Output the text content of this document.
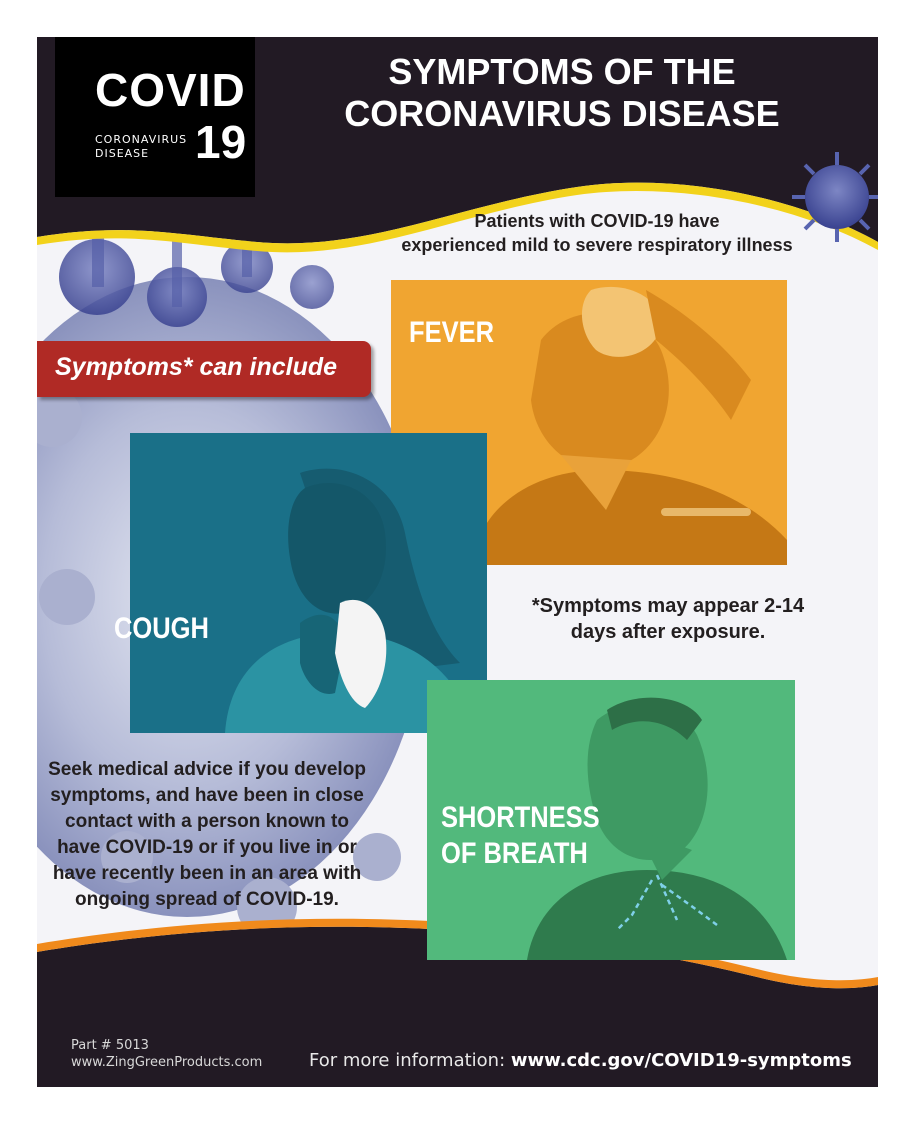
COVID
CORONAVIRUS
DISEASE 19
SYMPTOMS OF THE
CORONAVIRUS DISEASE
Patients with COVID-19 have
experienced mild to severe respiratory illness
Symptoms* can include
FEVER
COUGH
SHORTNESS
OF BREATH
*Symptoms may appear 2-14
days after exposure.
Seek medical advice if you develop
symptoms, and have been in close
contact with a person known to
have COVID-19 or if you live in or
have recently been in an area with
ongoing spread of COVID-19.
Part # 5013
www.ZingGreenProducts.com	For more information: www.cdc.gov/COVID19-symptoms
